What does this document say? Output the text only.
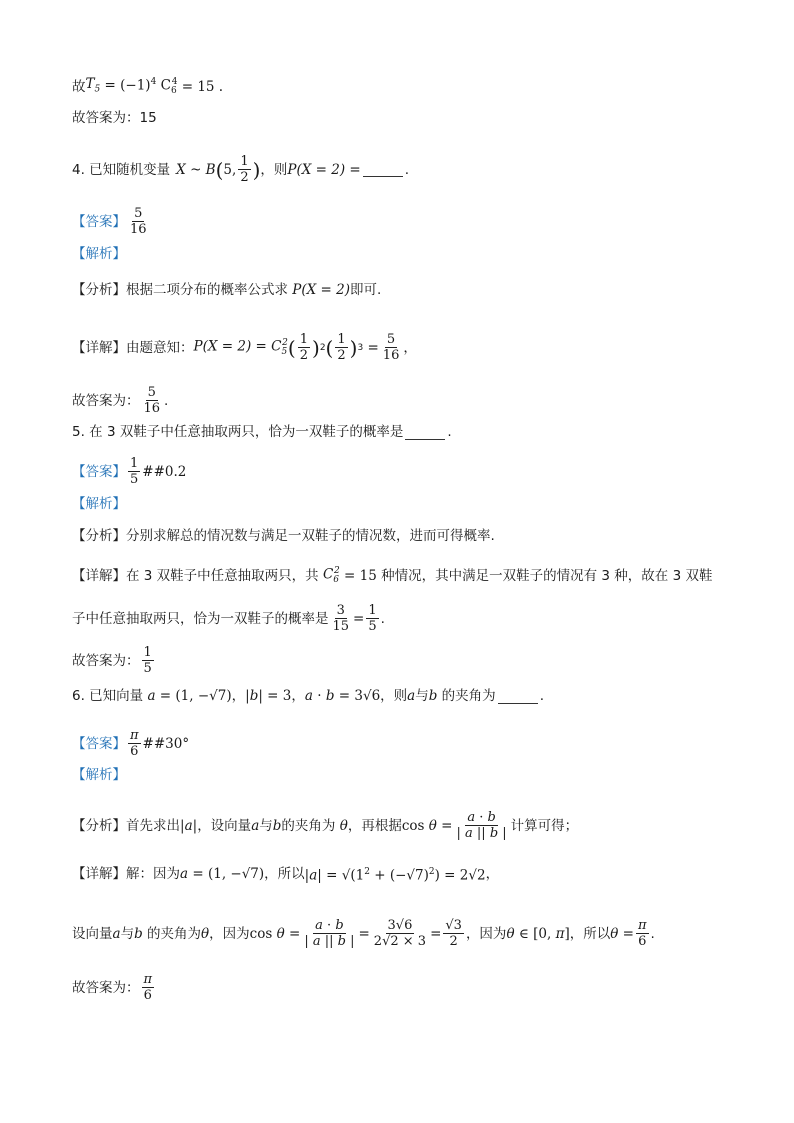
故 $T_5 = (-1)^4$ $C_6^4 = 15$ .
故答案为：15
4. 已知随机变量 X ~ B ( 5, $\frac{1}{2}$ ) ，则 P(X = 2) =	.
【答案】 $\frac{5}{16}$
【解析】
【分析】 根据二项分布的概率公式求 P(X = 2) 即可.
【详解】 由题意知： $P(X = 2) = C_5^2$ ( $\frac{1}{2}$ ) 2 ( $\frac{1}{2}$ ) $3 = \frac{5}{16}$ ，
故答案为： $\frac{5}{16}$ .
5. 在 3 双鞋子中任意抽取两只，恰为一双鞋子的概率是	.
【答案】 $\frac{1}{5}$ ##0.2
【解析】
【分析】 分别求解总的情况数与满足一双鞋子的情况数，进而可得概率.
【详解】 在 3 双鞋子中任意抽取两只，共 $C_6^2 = 15$ 种情况，其中满足一双鞋子的情况有 3 种，故在 3 双鞋
子中任意抽取两只，恰为一双鞋子的概率是 $\frac{3}{15} = \frac{1}{5}$ .
故答案为： $\frac{1}{5}$
6. 已知向量 a = (1, −√7) ， |b| = 3 ， a · b = 3√6 ，则 a 与 b 的夹角为	.
【答案】 $\frac{\pi}{6}$ ##30°
【解析】
【分析】 首先求出 |a| ，设向量 a 与 b 的夹角为 θ ，再根据 $\cos \theta = \frac{a \cdot b}{| a || b |}$ 计算可得；
【详解】 解：因为 a = (1, −√7) ，所以 $|a| = √(1^2 + (-√7)^2) = 2√2$ ，
设向量 a 与 b 的夹角为 θ ， 因为 $\cos \theta = \frac{a \cdot b}{| a || b |} = \frac{3√6}{2√2 \times 3} = \frac{√3}{2}$ ，因为 θ ∈ [0, π] ，所以 $\theta = \frac{\pi}{6}$ .
故答案为： $\frac{\pi}{6}$
